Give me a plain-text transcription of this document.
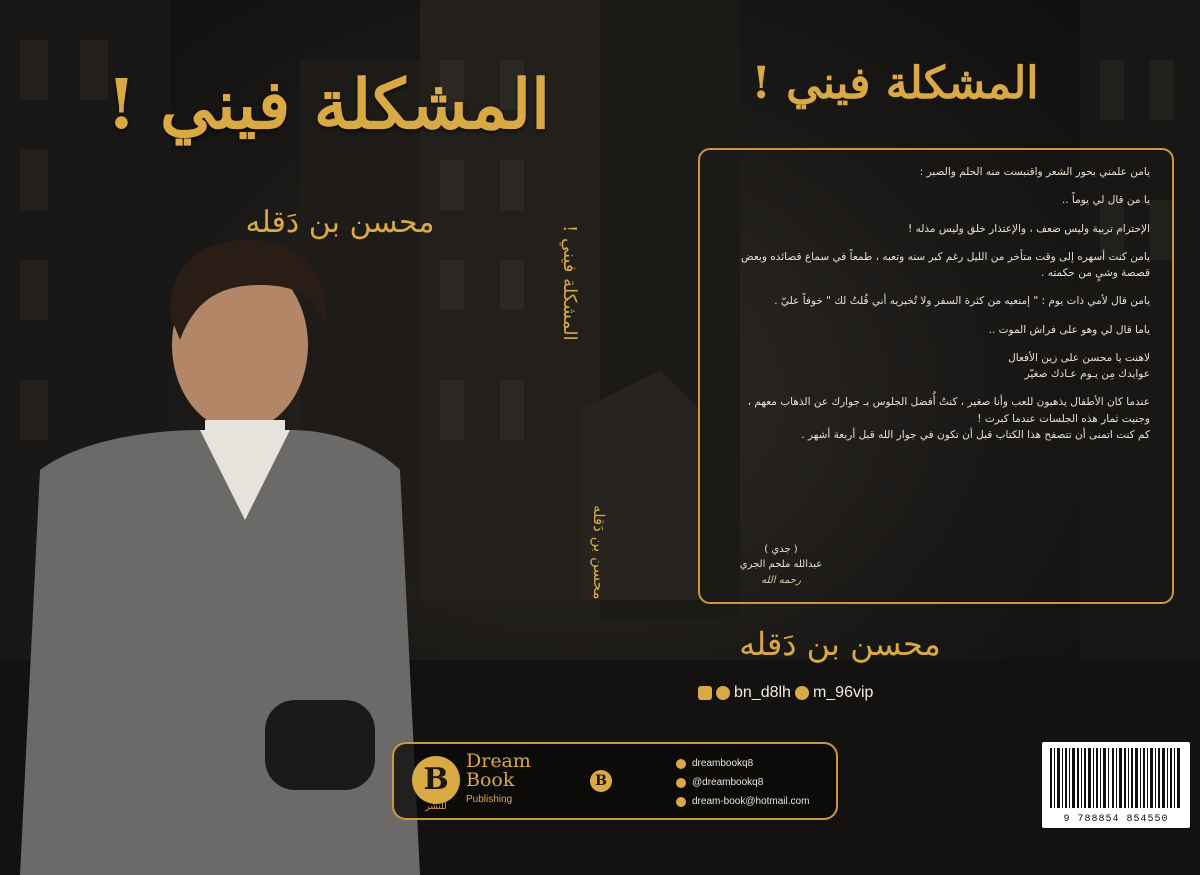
المشكلة فيني !
محسن بن دَقله
المشكلة فيني !
محسن بن دَقله
المشكلة فيني !

يامن علمني بحور الشعر واقتبست منه الحلم والصبر :

يا من قال لي يوماً ..

الإحترام تربية وليس ضعف ، والإعتذار خلق وليس مذله !

يامن كنت أسهره إلى وقت متأخر من الليل رغم كبر سنه وتعبه ، طمعاً في سماع قصائده وبعض قصصة وشيٍ من حكمته .

يامن قال لأمي ذات يوم : " إمنعيه من كثرة السفر ولا تُخبريه أني قُلتُ لك " خوفاً عليّ .

ياما قال لي وهو على فراش الموت ..

لاهنت يا محسن على زين الأفعال
عوايدك مِن يـوم عـادك صغيّر

عندما كان الأطفال يذهبون للعب وأنا صغير ، كنتُ أُفضل الجلوس بـ جوارك عن الذهاب معهم ، وجنيت ثمار هذه الجلسات عندما كبرت !
كم كنت اتمنى أن تتصفح هذا الكتاب قبل أن تكون في جوار الله قبل أربعة أشهر .

( جدي )
عبدالله ملحم الجري
رحمه الله
محسن بن دَقله
bn_d8lh m_96vip
B
Dream
Book
Publishing
للنشر
B
dreambookq8
@dreambookq8
dream-book@hotmail.com
9 788854 854550
